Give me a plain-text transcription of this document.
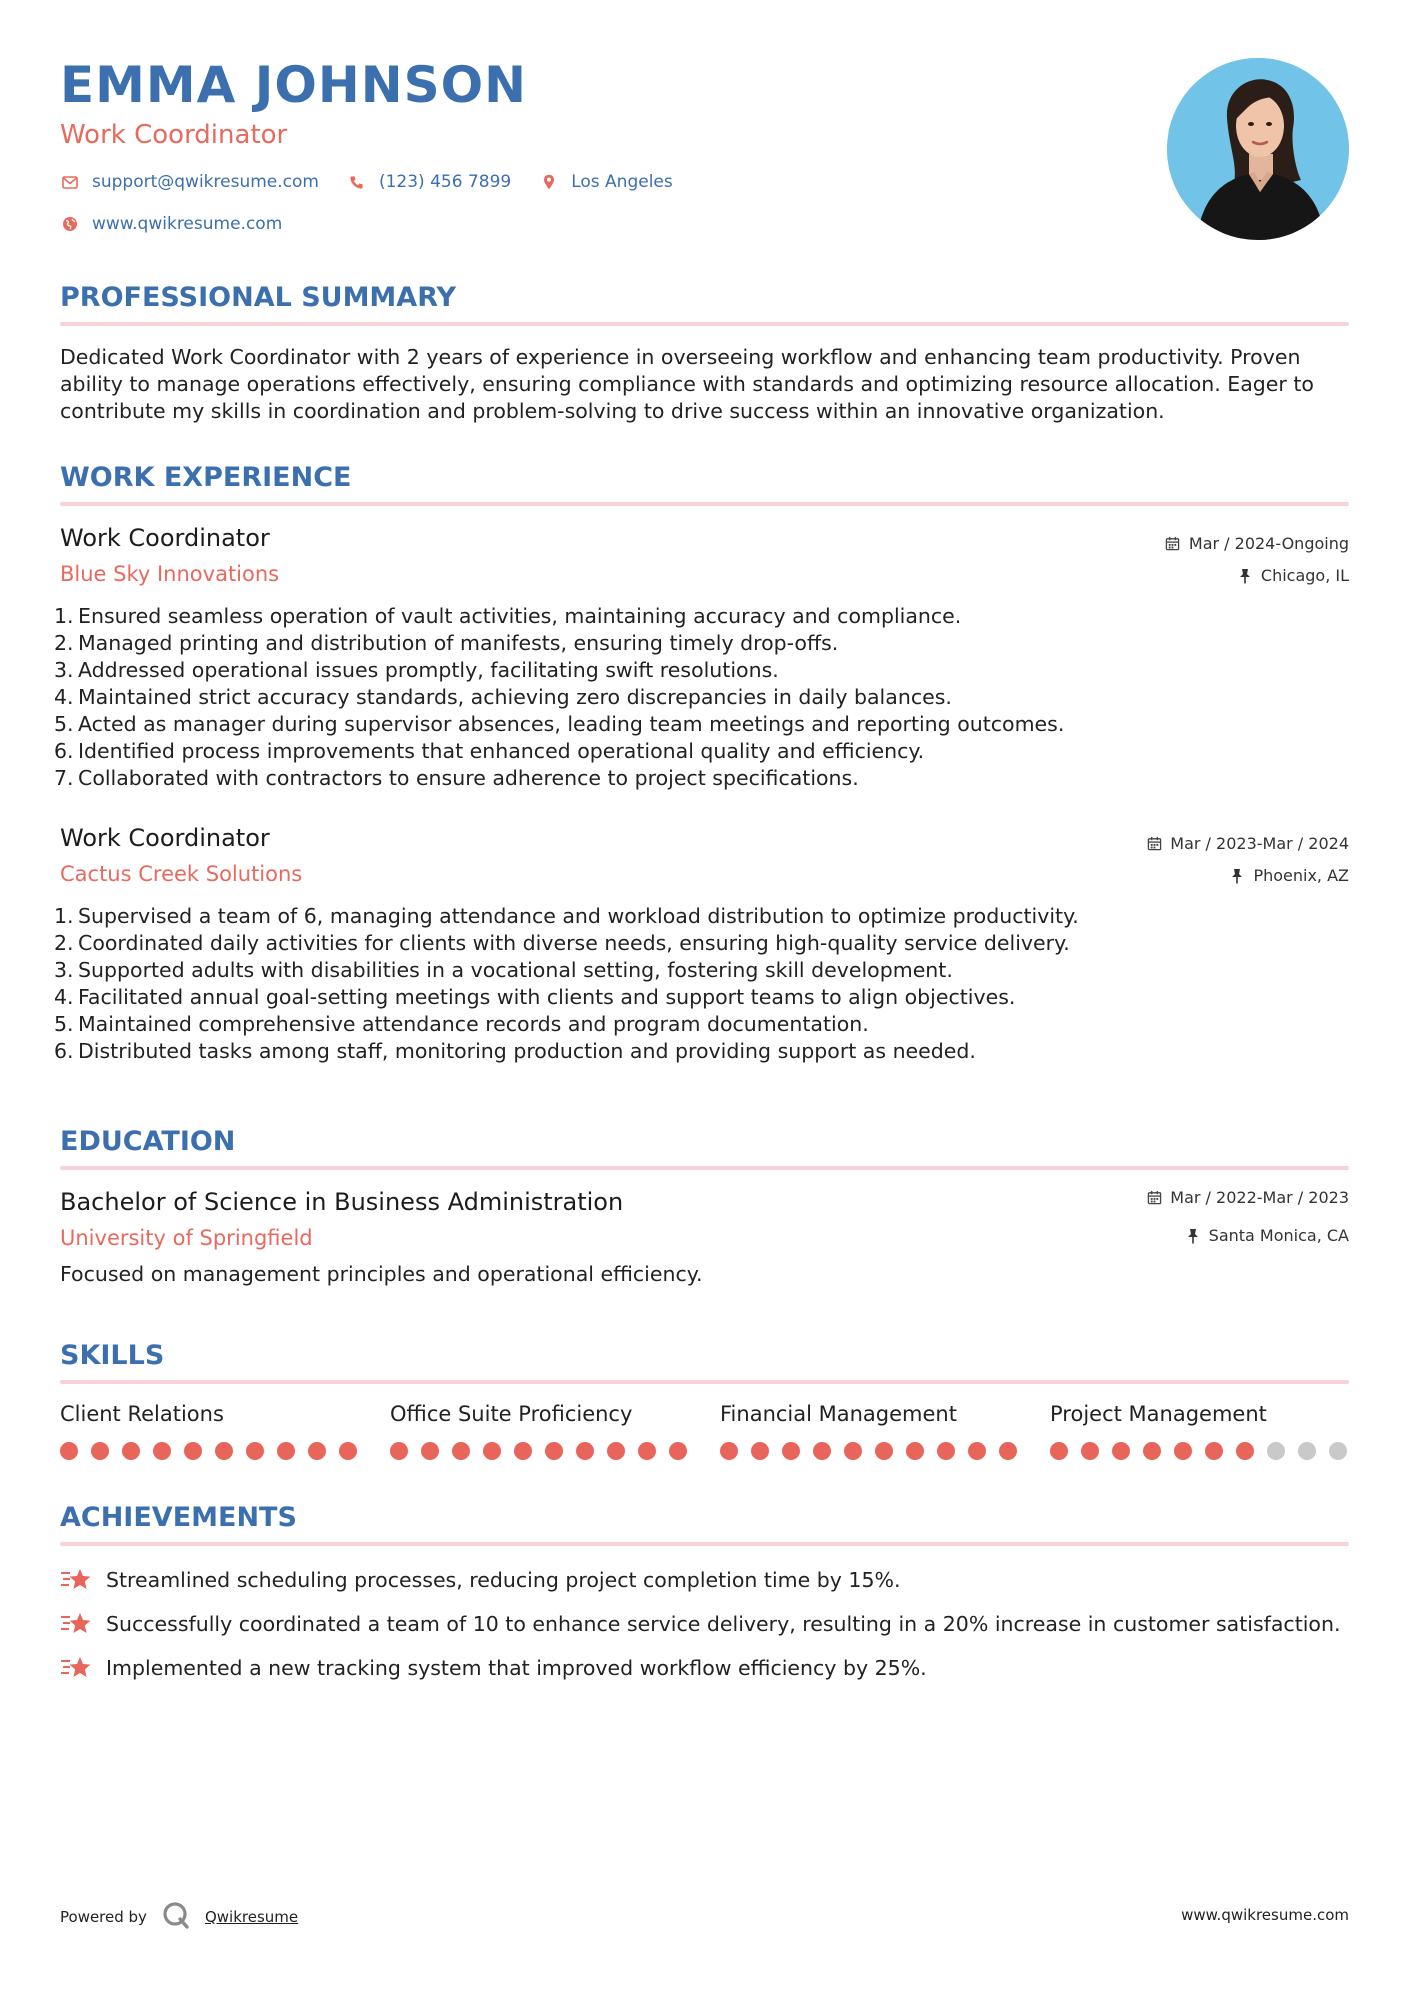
EMMA JOHNSON
Work Coordinator
support@qwikresume.com	(123) 456 7899	Los Angeles
www.qwikresume.com
PROFESSIONAL SUMMARY
Dedicated Work Coordinator with 2 years of experience in overseeing workflow and enhancing team productivity. Proven ability to manage operations effectively, ensuring compliance with standards and optimizing resource allocation. Eager to contribute my skills in coordination and problem-solving to drive success within an innovative organization.
WORK EXPERIENCE
Work Coordinator
Blue Sky Innovations
Mar / 2024-Ongoing
Chicago, IL
1. Ensured seamless operation of vault activities, maintaining accuracy and compliance.
2. Managed printing and distribution of manifests, ensuring timely drop-offs.
3. Addressed operational issues promptly, facilitating swift resolutions.
4. Maintained strict accuracy standards, achieving zero discrepancies in daily balances.
5. Acted as manager during supervisor absences, leading team meetings and reporting outcomes.
6. Identified process improvements that enhanced operational quality and efficiency.
7. Collaborated with contractors to ensure adherence to project specifications.
Work Coordinator
Cactus Creek Solutions
Mar / 2023-Mar / 2024
Phoenix, AZ
1. Supervised a team of 6, managing attendance and workload distribution to optimize productivity.
2. Coordinated daily activities for clients with diverse needs, ensuring high-quality service delivery.
3. Supported adults with disabilities in a vocational setting, fostering skill development.
4. Facilitated annual goal-setting meetings with clients and support teams to align objectives.
5. Maintained comprehensive attendance records and program documentation.
6. Distributed tasks among staff, monitoring production and providing support as needed.
EDUCATION
Bachelor of Science in Business Administration
University of Springfield
Mar / 2022-Mar / 2023
Santa Monica, CA
Focused on management principles and operational efficiency.
SKILLS
Client Relations	Office Suite Proficiency	Financial Management	Project Management
ACHIEVEMENTS
Streamlined scheduling processes, reducing project completion time by 15%.
Successfully coordinated a team of 10 to enhance service delivery, resulting in a 20% increase in customer satisfaction.
Implemented a new tracking system that improved workflow efficiency by 25%.
Powered by	Qwikresume	www.qwikresume.com
